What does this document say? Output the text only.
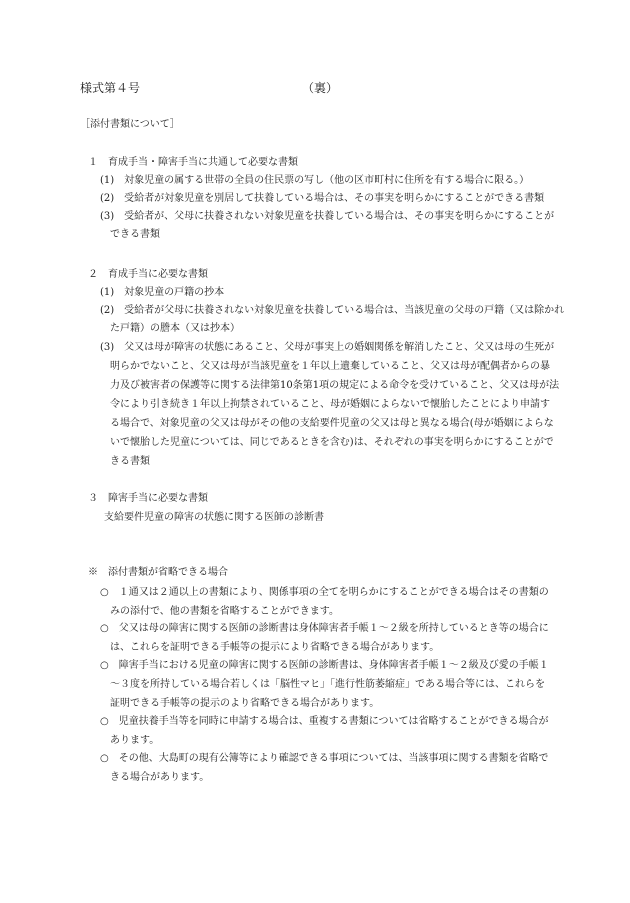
様式第４号	（裏）
［添付書類について］
１　育成手当・障害手当に共通して必要な書類
(1)　対象児童の属する世帯の全員の住民票の写し（他の区市町村に住所を有する場合に限る。）
(2)　受給者が対象児童を別居して扶養している場合は、その事実を明らかにすることができる書類
(3)　受給者が、父母に扶養されない対象児童を扶養している場合は、その事実を明らかにすることが
できる書類
２　育成手当に必要な書類
(1)　対象児童の戸籍の抄本
(2)　受給者が父母に扶養されない対象児童を扶養している場合は、当該児童の父母の戸籍（又は除かれ
た戸籍）の謄本（又は抄本）
(3)　父又は母が障害の状態にあること、父母が事実上の婚姻関係を解消したこと、父又は母の生死が
明らかでないこと、父又は母が当該児童を１年以上遺棄していること、父又は母が配偶者からの暴
力及び被害者の保護等に関する法律第10条第1項の規定による命令を受けていること、父又は母が法
令により引き続き１年以上拘禁されていること、母が婚姻によらないで懐胎したことにより申請す
る場合で、対象児童の父又は母がその他の支給要件児童の父又は母と異なる場合(母が婚姻によらな
いで懐胎した児童については、同じであるときを含む)は、それぞれの事実を明らかにすることがで
きる書類
３　障害手当に必要な書類
支給要件児童の障害の状態に関する医師の診断書
※　添付書類が省略できる場合
○　１通又は２通以上の書類により、関係事項の全てを明らかにすることができる場合はその書類の
みの添付で、他の書類を省略することができます。
○　父又は母の障害に関する医師の診断書は身体障害者手帳１～２級を所持しているとき等の場合に
は、これらを証明できる手帳等の提示により省略できる場合があります。
○　障害手当における児童の障害に関する医師の診断書は、身体障害者手帳１～２級及び愛の手帳１
～３度を所持している場合若しくは「脳性マヒ」「進行性筋萎縮症」である場合等には、これらを
証明できる手帳等の提示のより省略できる場合があります。
○　児童扶養手当等を同時に申請する場合は、重複する書類については省略することができる場合が
あります。
○　その他、大島町の現有公簿等により確認できる事項については、当該事項に関する書類を省略で
きる場合があります。
